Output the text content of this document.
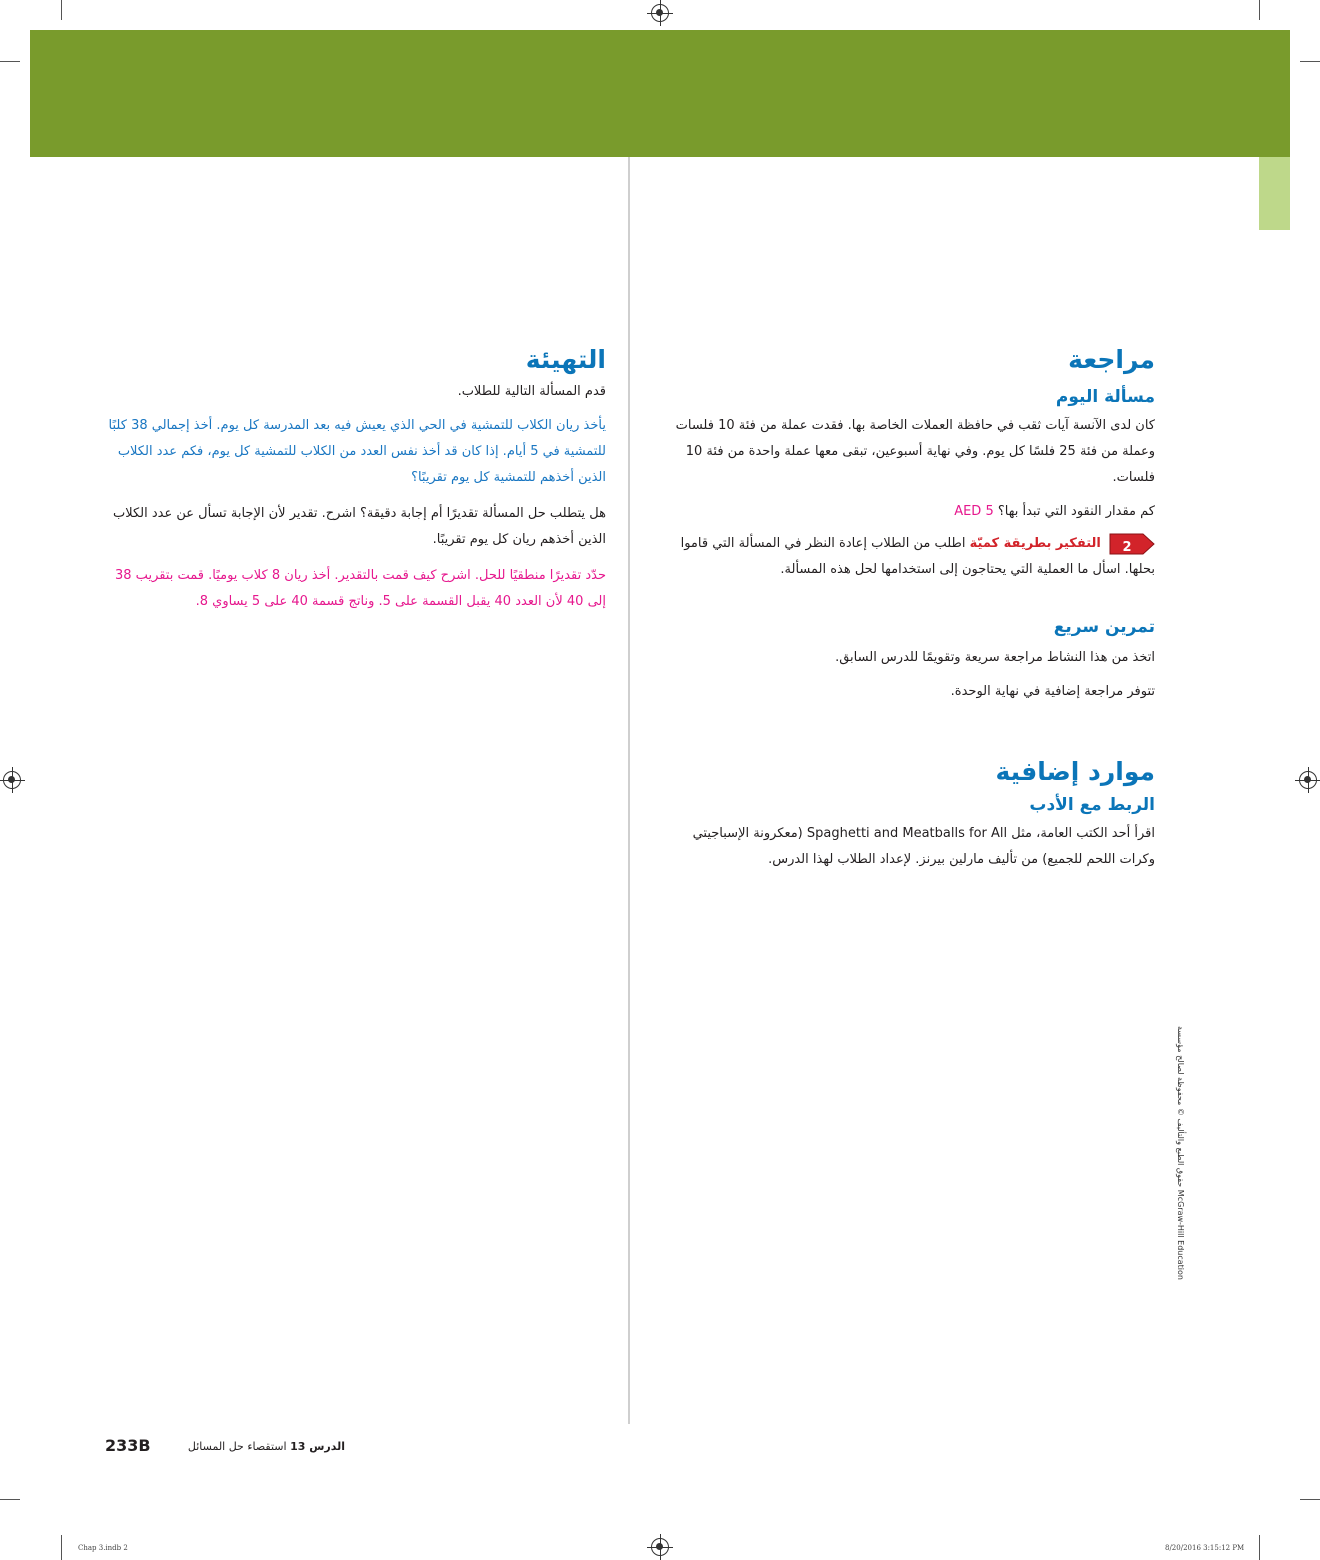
مراجعة
مسألة اليوم

كان لدى الآنسة آيات ثقب في حافظة العملات الخاصة بها. فقدت عملة من فئة 10 فلسات وعملة من فئة 25 فلسًا كل يوم. وفي نهاية أسبوعين، تبقى معها عملة واحدة من فئة 10 فلسات.

كم مقدار النقود التي تبدأ بها؟ AED 5

2
التفكير بطريقة كميّة اطلب من الطلاب إعادة النظر في المسألة التي قاموا بحلها. اسأل ما العملية التي يحتاجون إلى استخدامها لحل هذه المسألة.

تمرين سريع

اتخذ من هذا النشاط مراجعة سريعة وتقويمًا للدرس السابق.

تتوفر مراجعة إضافية في نهاية الوحدة.

موارد إضافية
الربط مع الأدب

اقرأ أحد الكتب العامة، مثل Spaghetti and Meatballs for All (معكرونة الإسباجيتي

وكرات اللحم للجميع) من تأليف مارلين بيرنز. لإعداد الطلاب لهذا الدرس.

التهيئة

قدم المسألة التالية للطلاب.

يأخذ ريان الكلاب للتمشية في الحي الذي يعيش فيه بعد المدرسة كل يوم. أخذ إجمالي 38 كلبًا للتمشية في 5 أيام. إذا كان قد أخذ نفس العدد من الكلاب للتمشية كل يوم، فكم عدد الكلاب الذين أخذهم للتمشية كل يوم تقريبًا؟

هل يتطلب حل المسألة تقديرًا أم إجابة دقيقة؟ اشرح. تقدير لأن الإجابة تسأل عن عدد الكلاب الذين أخذهم ريان كل يوم تقريبًا.

حدّد تقديرًا منطقيًا للحل. اشرح كيف قمت بالتقدير. أخذ ريان 8 كلاب يوميًا. قمت بتقريب 38 إلى 40 لأن العدد 40 يقبل القسمة على 5. وناتج قسمة 40 على 5 يساوي 8.

حقوق الطبع والتأليف © محفوظة لصالح مؤسسة McGraw-Hill Education
233B	الدرس 13 استقصاء حل المسائل
Chap 3.indb 2	8/20/2016 3:15:12 PM
